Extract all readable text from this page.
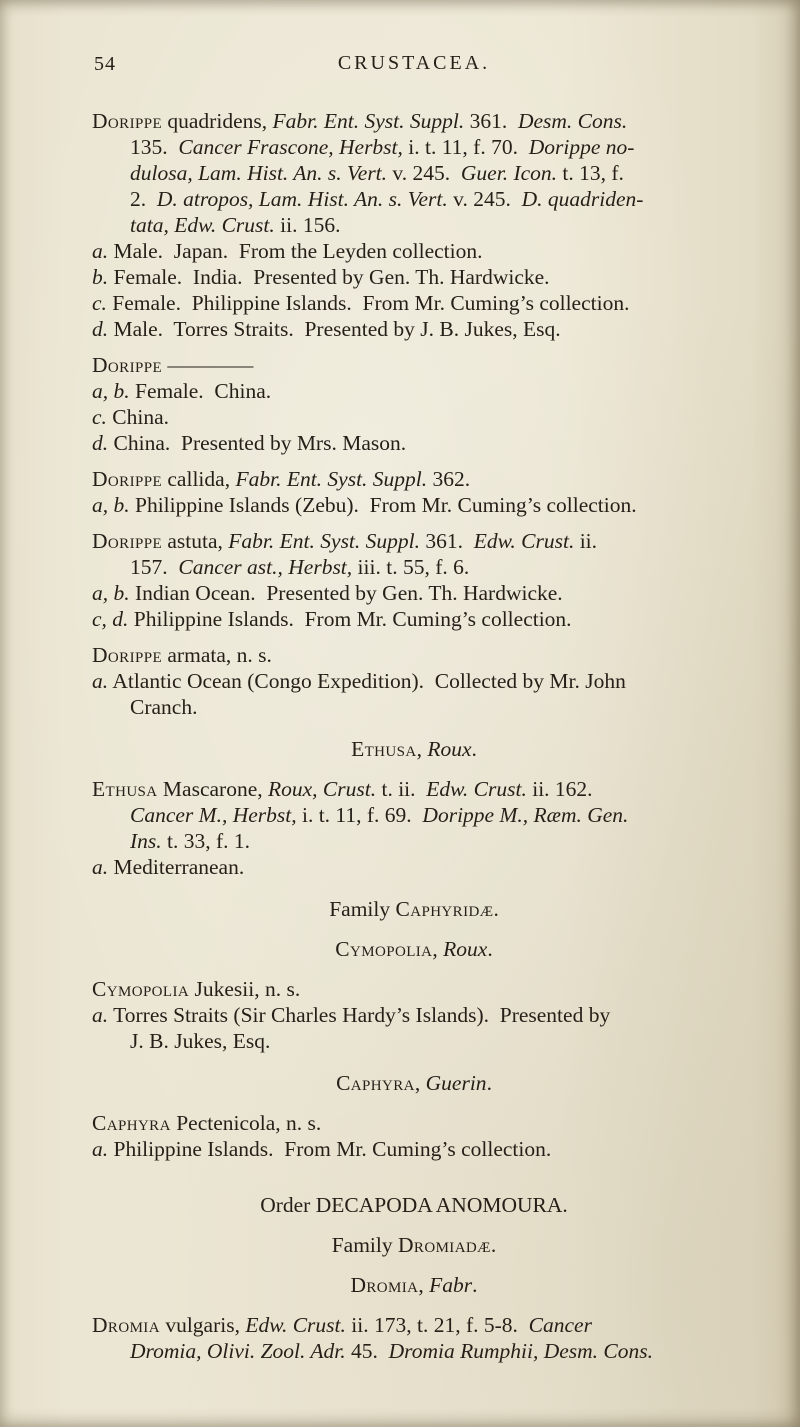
54	CRUSTACEA.
Dorippe quadridens, Fabr. Ent. Syst. Suppl. 361.  Desm. Cons.
135.  Cancer Frascone, Herbst, i. t. 11, f. 70.  Dorippe no-
dulosa, Lam. Hist. An. s. Vert. v. 245.  Guer. Icon. t. 13, f.
2.  D. atropos, Lam. Hist. An. s. Vert. v. 245.  D. quadriden-
tata, Edw. Crust. ii. 156.
a. Male.  Japan.  From the Leyden collection.
b. Female.  India.  Presented by Gen. Th. Hardwicke.
c. Female.  Philippine Islands.  From Mr. Cuming’s collection.
d. Male.  Torres Straits.  Presented by J. B. Jukes, Esq.
Dorippe ————
a, b. Female.  China.
c. China.
d. China.  Presented by Mrs. Mason.
Dorippe callida, Fabr. Ent. Syst. Suppl. 362.
a, b. Philippine Islands (Zebu).  From Mr. Cuming’s collection.
Dorippe astuta, Fabr. Ent. Syst. Suppl. 361.  Edw. Crust. ii.
157.  Cancer ast., Herbst, iii. t. 55, f. 6.
a, b. Indian Ocean.  Presented by Gen. Th. Hardwicke.
c, d. Philippine Islands.  From Mr. Cuming’s collection.
Dorippe armata, n. s.
a. Atlantic Ocean (Congo Expedition).  Collected by Mr. John
Cranch.
Ethusa, Roux.
Ethusa Mascarone, Roux, Crust. t. ii.  Edw. Crust. ii. 162.
Cancer M., Herbst, i. t. 11, f. 69.  Dorippe M., Ræm. Gen.
Ins. t. 33, f. 1.
a. Mediterranean.
Family Caphyridæ.
Cymopolia, Roux.
Cymopolia Jukesii, n. s.
a. Torres Straits (Sir Charles Hardy’s Islands).  Presented by
J. B. Jukes, Esq.
Caphyra, Guerin.
Caphyra Pectenicola, n. s.
a. Philippine Islands.  From Mr. Cuming’s collection.
Order DECAPODA ANOMOURA.
Family Dromiadæ.
Dromia, Fabr.
Dromia vulgaris, Edw. Crust. ii. 173, t. 21, f. 5-8.  Cancer
Dromia, Olivi. Zool. Adr. 45.  Dromia Rumphii, Desm. Cons.
